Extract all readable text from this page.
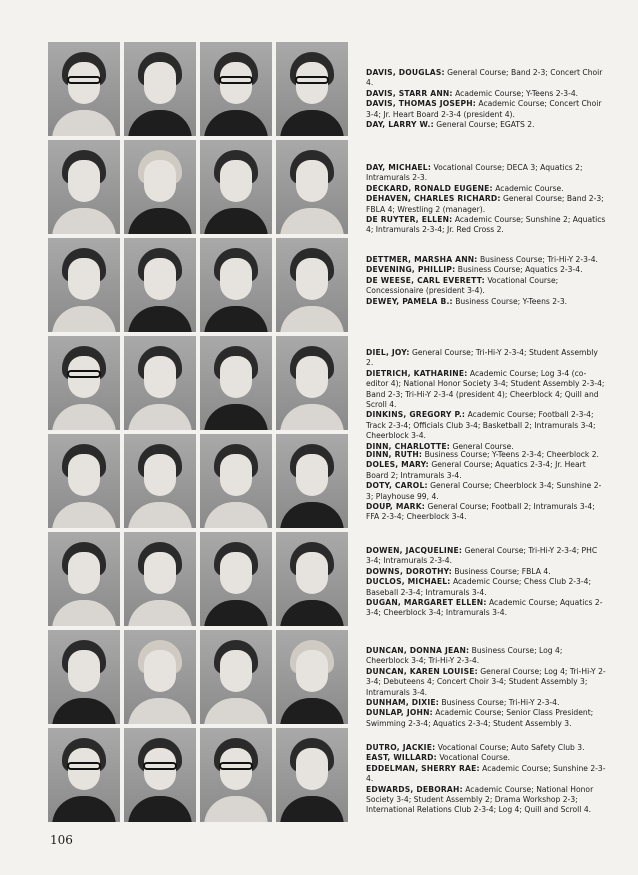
DAVIS, DOUGLAS: General Course; Band 2-3; Concert Choir 4.

DAVIS, STARR ANN: Academic Course; Y-Teens 2-3-4.

DAVIS, THOMAS JOSEPH: Academic Course; Concert Choir 3-4; Jr. Heart Board 2-3-4 (president 4).

DAY, LARRY W.: General Course; EGATS 2.

DAY, MICHAEL: Vocational Course; DECA 3; Aquatics 2; Intramurals 2-3.

DECKARD, RONALD EUGENE: Academic Course.

DEHAVEN, CHARLES RICHARD: General Course; Band 2-3; FBLA 4; Wrestling 2 (manager).

DE RUYTER, ELLEN: Academic Course; Sunshine 2; Aquatics 4; Intramurals 2-3-4; Jr. Red Cross 2.

DETTMER, MARSHA ANN: Business Course; Tri-Hi-Y 2-3-4.

DEVENING, PHILLIP: Business Course; Aquatics 2-3-4.

DE WEESE, CARL EVERETT: Vocational Course; Concessionaire (president 3-4).

DEWEY, PAMELA B.: Business Course; Y-Teens 2-3.

DIEL, JOY: General Course; Tri-Hi-Y 2-3-4; Student Assembly 2.

DIETRICH, KATHARINE: Academic Course; Log 3-4 (co-editor 4); National Honor Society 3-4; Student Assembly 2-3-4; Band 2-3; Tri-Hi-Y 2-3-4 (president 4); Cheerblock 4; Quill and Scroll 4.

DINKINS, GREGORY P.: Academic Course; Football 2-3-4; Track 2-3-4; Officials Club 3-4; Basketball 2; Intramurals 3-4; Cheerblock 3-4.

DINN, CHARLOTTE: General Course.

DINN, RUTH: Business Course; Y-Teens 2-3-4; Cheerblock 2.

DOLES, MARY: General Course; Aquatics 2-3-4; Jr. Heart Board 2; Intramurals 3-4.

DOTY, CAROL: General Course; Cheerblock 3-4; Sunshine 2-3; Playhouse 99, 4.

DOUP, MARK: General Course; Football 2; Intramurals 3-4; FFA 2-3-4; Cheerblock 3-4.

DOWEN, JACQUELINE: General Course; Tri-Hi-Y 2-3-4; PHC 3-4; Intramurals 2-3-4.

DOWNS, DOROTHY: Business Course; FBLA 4.

DUCLOS, MICHAEL: Academic Course; Chess Club 2-3-4; Baseball 2-3-4; Intramurals 3-4.

DUGAN, MARGARET ELLEN: Academic Course; Aquatics 2-3-4; Cheerblock 3-4; Intramurals 3-4.

DUNCAN, DONNA JEAN: Business Course; Log 4; Cheerblock 3-4; Tri-Hi-Y 2-3-4.

DUNCAN, KAREN LOUISE: General Course; Log 4; Tri-Hi-Y 2-3-4; Debuteens 4; Concert Choir 3-4; Student Assembly 3; Intramurals 3-4.

DUNHAM, DIXIE: Business Course; Tri-Hi-Y 2-3-4.

DUNLAP, JOHN: Academic Course; Senior Class President; Swimming 2-3-4; Aquatics 2-3-4; Student Assembly 3.

DUTRO, JACKIE: Vocational Course; Auto Safety Club 3.

EAST, WILLARD: Vocational Course.

EDDELMAN, SHERRY RAE: Academic Course; Sunshine 2-3-4.

EDWARDS, DEBORAH: Academic Course; National Honor Society 3-4; Student Assembly 2; Drama Workshop 2-3; International Relations Club 2-3-4; Log 4; Quill and Scroll 4.

106
